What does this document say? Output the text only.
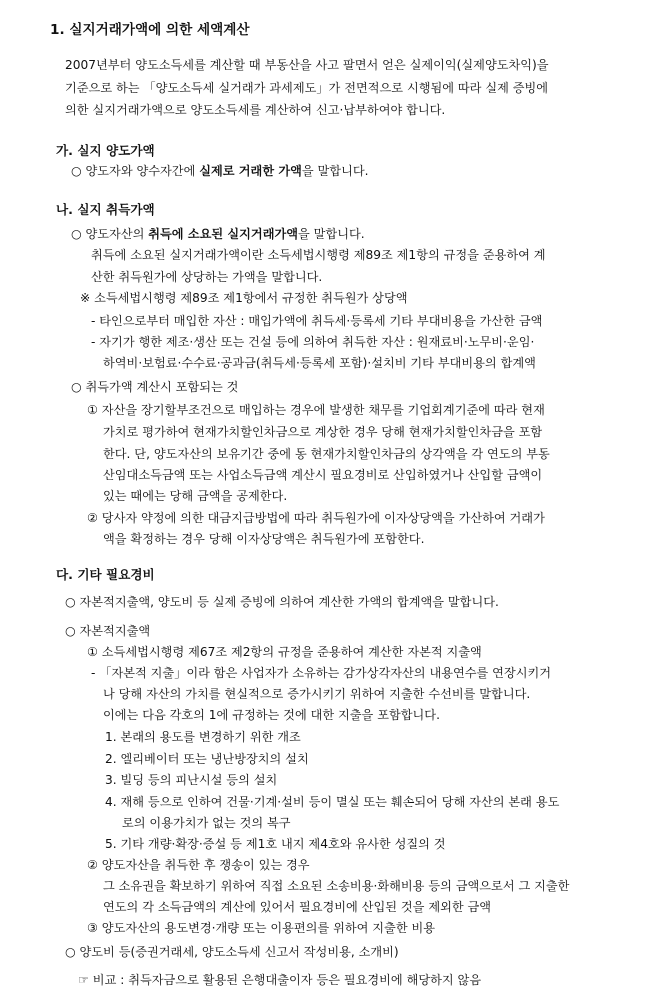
1. 실지거래가액에 의한 세액계산
2007년부터 양도소득세를 계산할 때 부동산을 사고 팔면서 얻은 실제이익(실제양도차익)을
기준으로 하는 「양도소득세 실거래가 과세제도」가 전면적으로 시행됨에 따라 실제 증빙에
의한 실지거래가액으로 양도소득세를 계산하여 신고·납부하여야 합니다.
가. 실지 양도가액
○ 양도자와 양수자간에 실제로 거래한 가액을 말합니다.
나. 실지 취득가액
○ 양도자산의 취득에 소요된 실지거래가액을 말합니다.
취득에 소요된 실지거래가액이란 소득세법시행령 제89조 제1항의 규정을 준용하여 계
산한 취득원가에 상당하는 가액을 말합니다.
※ 소득세법시행령 제89조 제1항에서 규정한 취득원가 상당액
- 타인으로부터 매입한 자산 : 매입가액에 취득세·등록세 기타 부대비용을 가산한 금액
- 자기가 행한 제조·생산 또는 건설 등에 의하여 취득한 자산 : 원재료비·노무비·운임·
하역비·보험료·수수료·공과금(취득세·등록세 포함)·설치비 기타 부대비용의 합계액
○ 취득가액 계산시 포함되는 것
① 자산을 장기할부조건으로 매입하는 경우에 발생한 채무를 기업회계기준에 따라 현재
가치로 평가하여 현재가치할인차금으로 계상한 경우 당해 현재가치할인차금을 포함
한다. 단, 양도자산의 보유기간 중에 동 현재가치할인차금의 상각액을 각 연도의 부동
산임대소득금액 또는 사업소득금액 계산시 필요경비로 산입하였거나 산입할 금액이
있는 때에는 당해 금액을 공제한다.
② 당사자 약정에 의한 대금지급방법에 따라 취득원가에 이자상당액을 가산하여 거래가
액을 확정하는 경우 당해 이자상당액은 취득원가에 포함한다.
다. 기타 필요경비
○ 자본적지출액, 양도비 등 실제 증빙에 의하여 계산한 가액의 합계액을 말합니다.
○ 자본적지출액
① 소득세법시행령 제67조 제2항의 규정을 준용하여 계산한 자본적 지출액
- 「자본적 지출」이라 함은 사업자가 소유하는 감가상각자산의 내용연수를 연장시키거
나 당해 자산의 가치를 현실적으로 증가시키기 위하여 지출한 수선비를 말합니다.
이에는 다음 각호의 1에 규정하는 것에 대한 지출을 포함합니다.
1. 본래의 용도를 변경하기 위한 개조
2. 엘리베이터 또는 냉난방장치의 설치
3. 빌딩 등의 피난시설 등의 설치
4. 재해 등으로 인하여 건물·기계·설비 등이 멸실 또는 훼손되어 당해 자산의 본래 용도
로의 이용가치가 없는 것의 복구
5. 기타 개량·확장·증설 등 제1호 내지 제4호와 유사한 성질의 것
② 양도자산을 취득한 후 쟁송이 있는 경우
그 소유권을 확보하기 위하여 직접 소요된 소송비용·화해비용 등의 금액으로서 그 지출한
연도의 각 소득금액의 계산에 있어서 필요경비에 산입된 것을 제외한 금액
③ 양도자산의 용도변경·개량 또는 이용편의를 위하여 지출한 비용
○ 양도비 등(증권거래세, 양도소득세 신고서 작성비용, 소개비)
☞ 비교 : 취득자금으로 활용된 은행대출이자 등은 필요경비에 해당하지 않음
